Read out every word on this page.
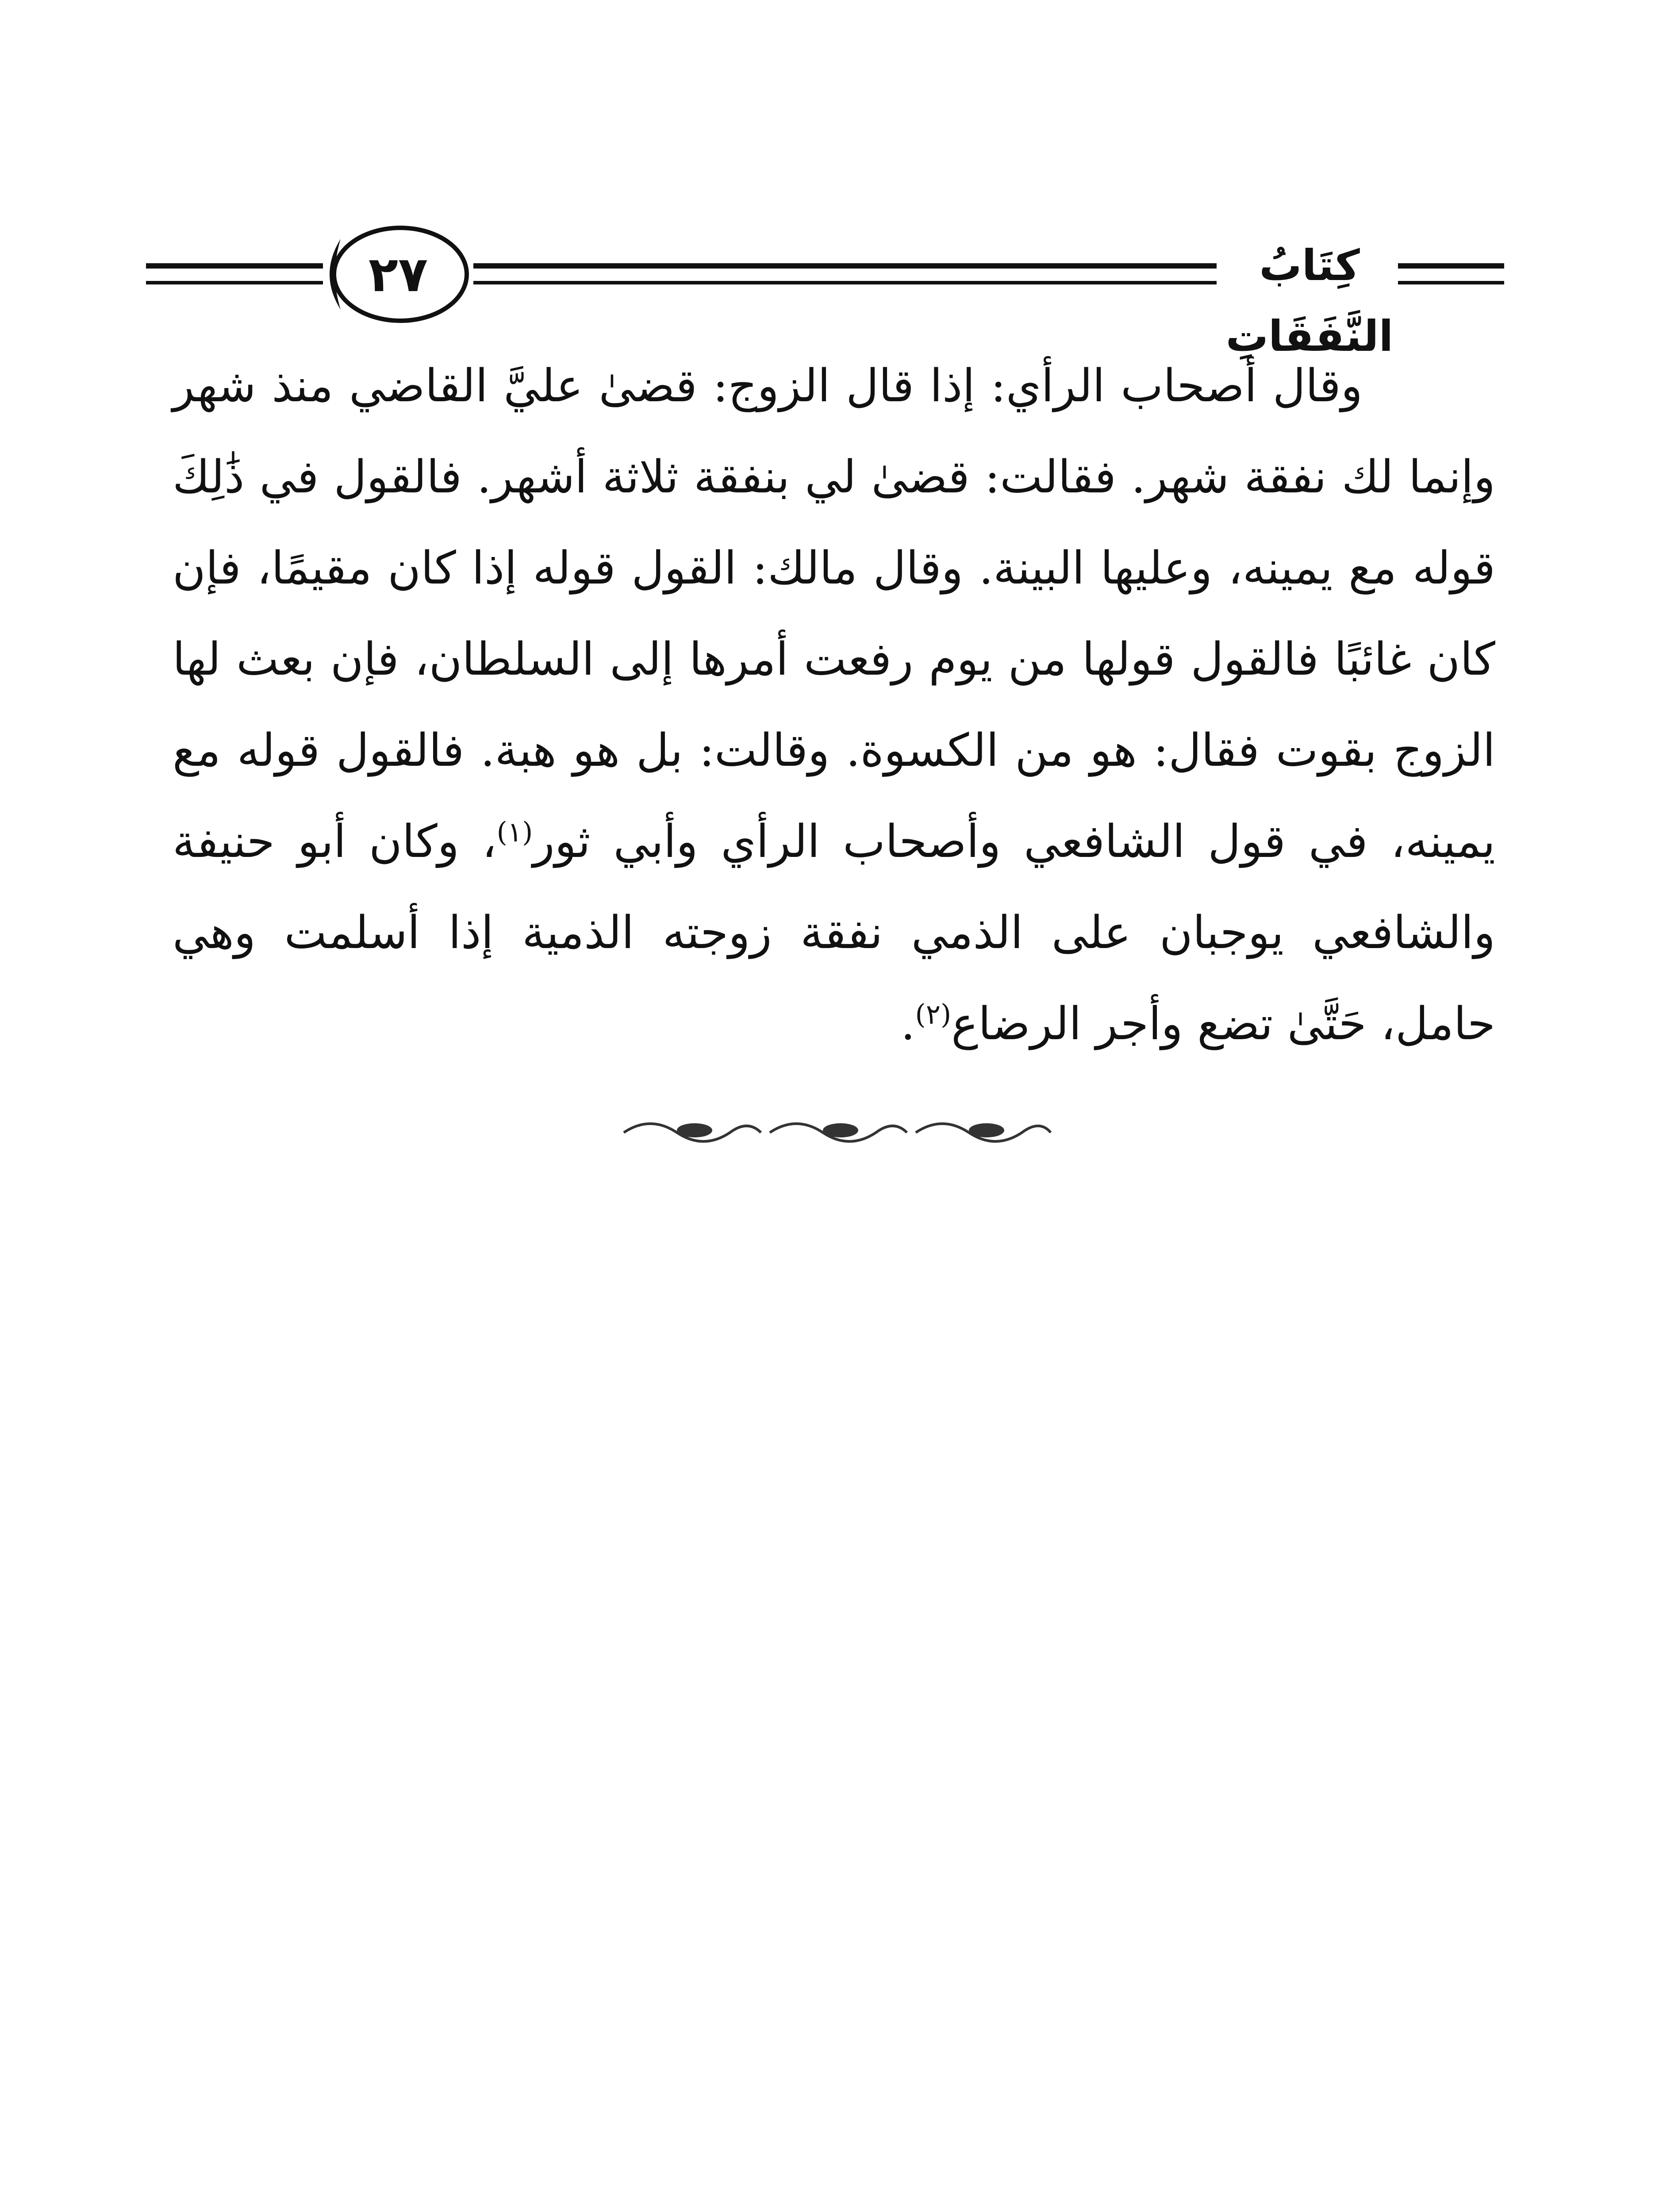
٢٧	كِتَابُ النَّفَقَاتِ

وقال أصحاب الرأي: إذا قال الزوج: قضىٰ عليَّ القاضي منذ شهر وإنما لك نفقة شهر. فقالت: قضىٰ لي بنفقة ثلاثة أشهر. فالقول في ذَٰلِكَ قوله مع يمينه، وعليها البينة. وقال مالك: القول قوله إذا كان مقيمًا، فإن كان غائبًا فالقول قولها من يوم رفعت أمرها إلى السلطان، فإن بعث لها الزوج بقوت فقال: هو من الكسوة. وقالت: بل هو هبة. فالقول قوله مع يمينه، في قول الشافعي وأصحاب الرأي وأبي ثور$^{(١)}$، وكان أبو حنيفة والشافعي يوجبان على الذمي نفقة زوجته الذمية إذا أسلمت وهي حامل، حَتَّىٰ تضع وأجر الرضاع$^{(٢)}$.
